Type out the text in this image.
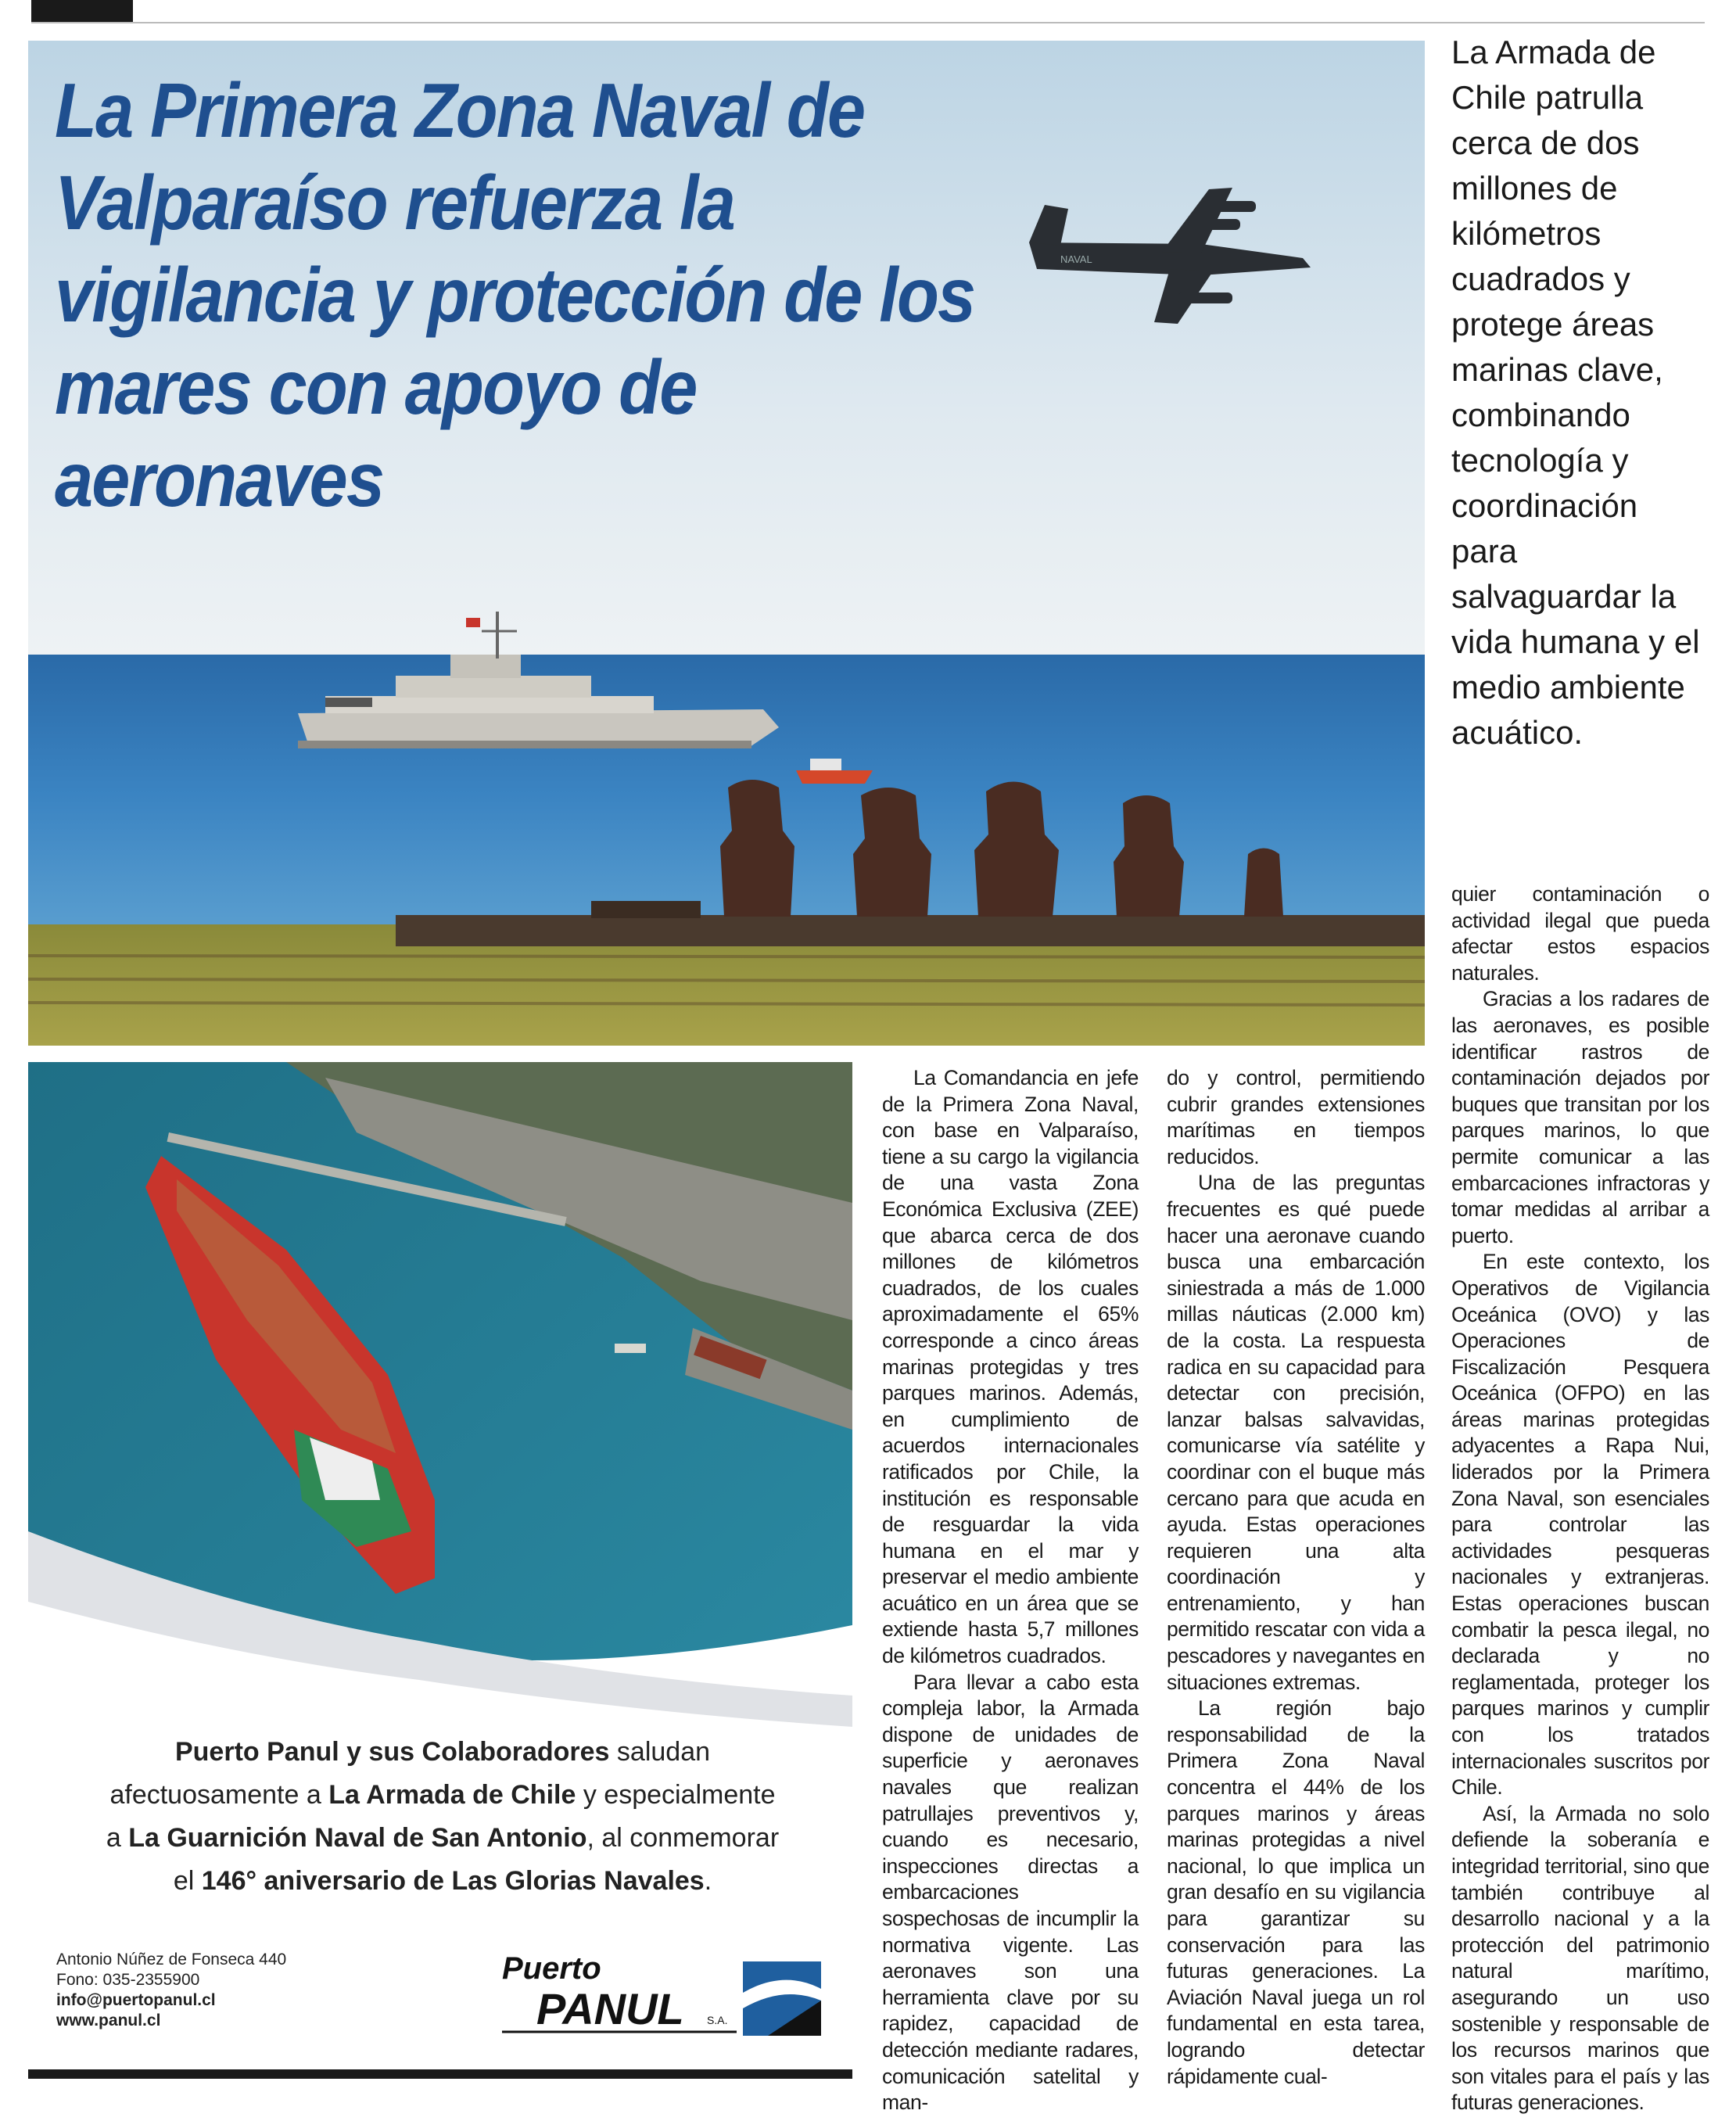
NAVAL
La Primera Zona Naval de Valparaíso refuerza la vigilancia y protección de los mares con apoyo de aeronaves
La Armada de Chile patrulla cerca de dos millones de kilómetros cuadrados y protege áreas marinas clave, combinando tecnología y coordinación para salvaguardar la vida humana y el medio ambiente acuático.
Puerto Panul y sus Colaboradores saludan
afectuosamente a La Armada de Chile y especialmente
a La Guarnición Naval de San Antonio, al conmemorar
el 146° aniversario de Las Glorias Navales.
Antonio Núñez de Fonseca 440
Fono: 035-2355900
info@puertopanul.cl
www.panul.cl
Puerto
PANUL S.A.

La Comandancia en jefe de la Primera Zona Naval, con base en Valparaíso, tiene a su cargo la vigilancia de una vasta Zona Económica Exclusiva (ZEE) que abarca cerca de dos millones de kilómetros cuadrados, de los cuales aproximadamente el 65% corresponde a cinco áreas marinas protegidas y tres parques marinos. Además, en cumplimiento de acuerdos internacionales ratificados por Chile, la institución es responsable de resguardar la vida humana en el mar y preservar el medio ambiente acuático en un área que se extiende hasta 5,7 millones de kilómetros cuadrados.

Para llevar a cabo esta compleja labor, la Armada dispone de unidades de superficie y aeronaves navales que realizan patrullajes preventivos y, cuando es necesario, inspecciones directas a embarcaciones sospechosas de incumplir la normativa vigente. Las aeronaves son una herramienta clave por su rapidez, capacidad de detección mediante radares, comunicación satelital y man-

do y control, permitiendo cubrir grandes extensiones marítimas en tiempos reducidos.

Una de las preguntas frecuentes es qué puede hacer una aeronave cuando busca una embarcación siniestrada a más de 1.000 millas náuticas (2.000 km) de la costa. La respuesta radica en su capacidad para detectar con precisión, lanzar balsas salvavidas, comunicarse vía satélite y coordinar con el buque más cercano para que acuda en ayuda. Estas operaciones requieren una alta coordinación y entrenamiento, y han permitido rescatar con vida a pescadores y navegantes en situaciones extremas.

La región bajo responsabilidad de la Primera Zona Naval concentra el 44% de los parques marinos y áreas marinas protegidas a nivel nacional, lo que implica un gran desafío en su vigilancia para garantizar su conservación para las futuras generaciones. La Aviación Naval juega un rol fundamental en esta tarea, logrando detectar rápidamente cual-

quier contaminación o actividad ilegal que pueda afectar estos espacios naturales.

Gracias a los radares de las aeronaves, es posible identificar rastros de contaminación dejados por buques que transitan por los parques marinos, lo que permite comunicar a las embarcaciones infractoras y tomar medidas al arribar a puerto.

En este contexto, los Operativos de Vigilancia Oceánica (OVO) y las Operaciones de Fiscalización Pesquera Oceánica (OFPO) en las áreas marinas protegidas adyacentes a Rapa Nui, liderados por la Primera Zona Naval, son esenciales para controlar las actividades pesqueras nacionales y extranjeras. Estas operaciones buscan combatir la pesca ilegal, no declarada y no reglamentada, proteger los parques marinos y cumplir con los tratados internacionales suscritos por Chile.

Así, la Armada no solo defiende la soberanía e integridad territorial, sino que también contribuye al desarrollo nacional y a la protección del patrimonio natural marítimo, asegurando un uso sostenible y responsable de los recursos marinos que son vitales para el país y las futuras generaciones.
